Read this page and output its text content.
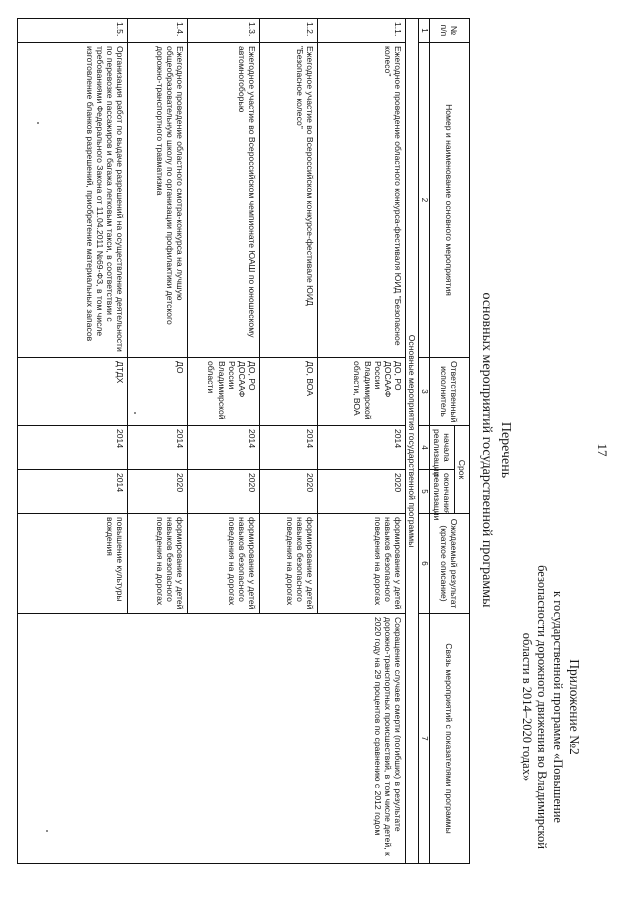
17
Приложение №2
к государственной программе «Повышение
безопасности дорожного движения во Владимирской
области в 2014–2020 годах»
Перечень
основных мероприятий государственной программы
№ п/п	Номер и наименование основного мероприятия	Ответственный исполнитель	Срок		Ожидаемый результат (краткое описание)	Связь мероприятий с показателями программы
			начала реализации	окончания реализации		
1	2	3	4	5	6	7
Основные мероприятия государственной программы						
1.1.	Ежегодное проведение областного конкурса-фестиваля ЮИД "Безопасное колесо"	ДО, РО ДОСААФ России Владимирской области, ВОА	2014	2020	формирование у детей навыков безопасного поведения на дорогах	Сокращение случаев смерти (погибших) в результате дорожно-транспортных происшествий, в том числе детей, к 2020 году на 29 процентов по сравнению с 2012 годом
1.2.	Ежегодное участие во Всероссийском конкурсе-фестивале ЮИД "Безопасное колесо"	ДО, ВОА	2014	2020	формирование у детей навыков безопасного поведения на дорогах	
1.3.	Ежегодное участие во Всероссийском чемпионате ЮАШ по юношескому автомногоборью	ДО, РО ДОСААФ России Владимирской области	2014	2020	формирование у детей навыков безопасного поведения на дорогах	
1.4.	Ежегодное проведение областного смотра-конкурса на лучшую общеобразовательную школу по организации профилактики детского дорожно-транспортного травматизма	ДО	2014	2020	формирование у детей навыков безопасного поведения на дорогах	
1.5.	Организация работ по выдаче разрешений на осуществление деятельности по перевозке пассажиров и багажа легковым такси, в соответствии с требованиями Федерального Закона от 11.04.2011 №69-ФЗ, в том числе изготовление бланков разрешений, приобретение материальных запасов	ДТДХ	2014	2014	повышение культуры вождения	
